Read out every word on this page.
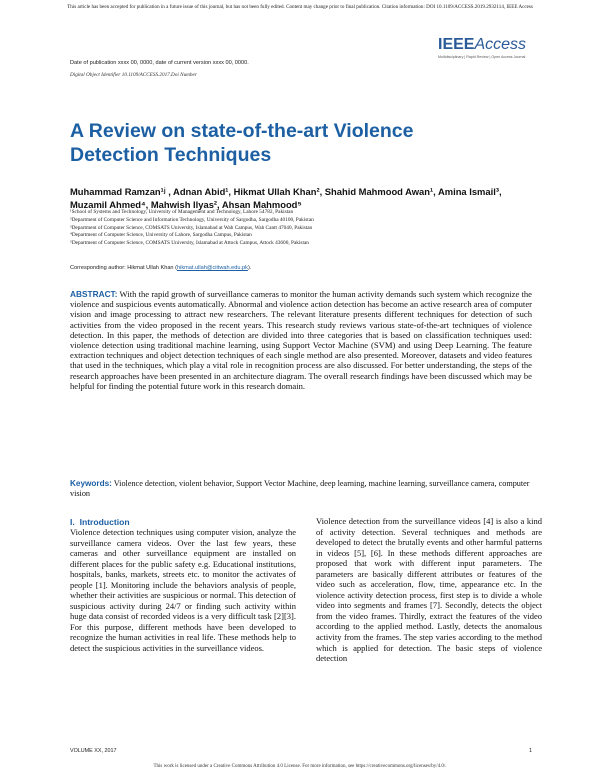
This article has been accepted for publication in a future issue of this journal, but has not been fully edited. Content may change prior to final publication. Citation information: DOI 10.1109/ACCESS.2019.2932114, IEEE Access
IEEEAccess
Multidisciplinary | Rapid Review | Open Access Journal
Date of publication xxxx 00, 0000, date of current version xxxx 00, 0000.
Digital Object Identifier 10.1109/ACCESS.2017.Doi Number
A Review on state-of-the-art Violence Detection Techniques
Muhammad Ramzan¹ʲ , Adnan Abid¹, Hikmat Ullah Khan², Shahid Mahmood Awan¹, Amina Ismail³, Muzamil Ahmed⁴, Mahwish Ilyas², Ahsan Mahmood⁵
¹School of Systems and Technology, University of Management and Technology, Lahore 54782, Pakistan
²Department of Computer Science and Information Technology, University of Sargodha, Sargodha 40100, Pakistan
³Department of Computer Science, COMSATS University, Islamabad at Wah Campus, Wah Cantt 47040, Pakistan
⁴Department of Computer Science, University of Lahore, Sargodha Campus, Pakistan
⁵Department of Computer Science, COMSATS University, Islamabad at Attock Campus, Attock 43600, Pakistan
Corresponding author: Hikmat Ullah Khan (hikmat.ullah@ciitwah.edu.pk).
ABSTRACT: With the rapid growth of surveillance cameras to monitor the human activity demands such system which recognize the violence and suspicious events automatically. Abnormal and violence action detection has become an active research area of computer vision and image processing to attract new researchers. The relevant literature presents different techniques for detection of such activities from the video proposed in the recent years. This research study reviews various state-of-the-art techniques of violence detection. In this paper, the methods of detection are divided into three categories that is based on classification techniques used: violence detection using traditional machine learning, using Support Vector Machine (SVM) and using Deep Learning. The feature extraction techniques and object detection techniques of each single method are also presented. Moreover, datasets and video features that used in the techniques, which play a vital role in recognition process are also discussed. For better understanding, the steps of the research approaches have been presented in an architecture diagram. The overall research findings have been discussed which may be helpful for finding the potential future work in this research domain.
Keywords: Violence detection, violent behavior, Support Vector Machine, deep learning, machine learning, surveillance camera, computer vision
I. Introduction

Violence detection techniques using computer vision, analyze the surveillance camera videos. Over the last few years, these cameras and other surveillance equipment are installed on different places for the public safety e.g. Educational institutions, hospitals, banks, markets, streets etc. to monitor the activates of people [1]. Monitoring include the behaviors analysis of people, whether their activities are suspicious or normal. This detection of suspicious activity during 24/7 or finding such activity within huge data consist of recorded videos is a very difficult task [2][3]. For this purpose, different methods have been developed to recognize the human activities in real life. These methods help to detect the suspicious activities in the surveillance videos.

Violence detection from the surveillance videos [4] is also a kind of activity detection. Several techniques and methods are developed to detect the brutally events and other harmful patterns in videos [5], [6]. In these methods different approaches are proposed that work with different input parameters. The parameters are basically different attributes or features of the video such as acceleration, flow, time, appearance etc. In the violence activity detection process, first step is to divide a whole video into segments and frames [7]. Secondly, detects the object from the video frames. Thirdly, extract the features of the video according to the applied method. Lastly, detects the anomalous activity from the frames. The step varies according to the method which is applied for detection. The basic steps of violence detection

VOLUME XX, 2017	1
This work is licensed under a Creative Commons Attribution 4.0 License. For more information, see https://creativecommons.org/licenses/by/4.0/.
